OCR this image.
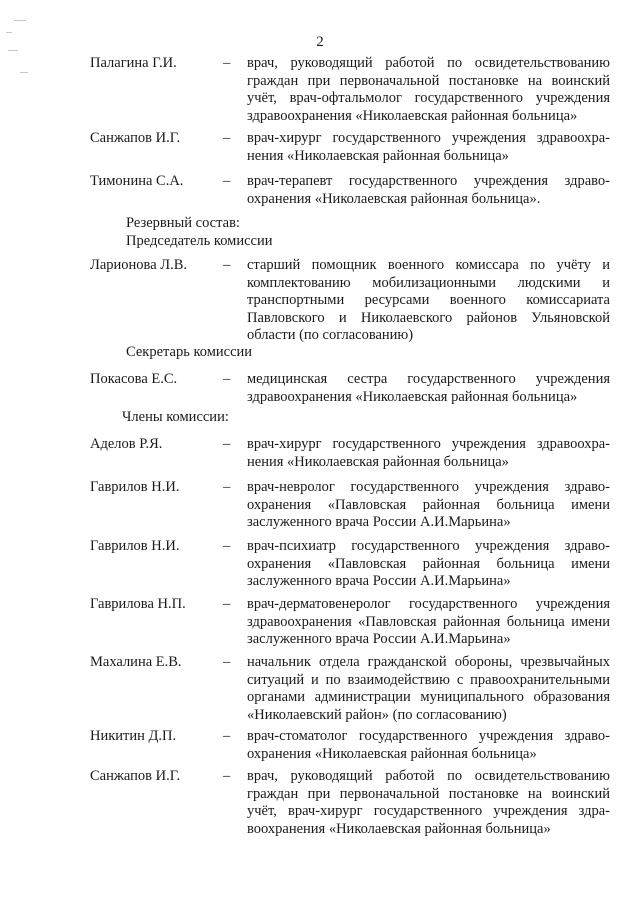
2
Палагина Г.И.	– врач, руководящий работой по освидетельствованию граждан при первоначальной постановке на воинский учёт, врач-офтальмолог государственного учреждения здравоохранения «Николаевская районная больница»
Санжапов И.Г.	– врач-хирург государственного учреждения здравоохра-нения «Николаевская районная больница»
Тимонина С.А.	– врач-терапевт государственного учреждения здраво-охранения «Николаевская районная больница».
Резервный состав:
Председатель комиссии
Ларионова Л.В.	– старший помощник военного комиссара по учёту и комплектованию мобилизационными людскими и транспортными ресурсами военного комиссариата Павловского и Николаевского районов Ульяновской области (по согласованию)
Секретарь комиссии
Покасова Е.С.	– медицинская сестра государственного учреждения здравоохранения «Николаевская районная больница»
Члены комиссии:
Аделов Р.Я.	– врач-хирург государственного учреждения здравоохра-нения «Николаевская районная больница»
Гаврилов Н.И.	– врач-невролог государственного учреждения здраво-охранения «Павловская районная больница имени заслуженного врача России А.И.Марьина»
Гаврилов Н.И.	– врач-психиатр государственного учреждения здраво-охранения «Павловская районная больница имени заслуженного врача России А.И.Марьина»
Гаврилова Н.П.	– врач-дерматовенеролог государственного учреждения здравоохранения «Павловская районная больница имени заслуженного врача России А.И.Марьина»
Махалина Е.В.	– начальник отдела гражданской обороны, чрезвычайных ситуаций и по взаимодействию с правоохранительными органами администрации муниципального образования «Николаевский район» (по согласованию)
Никитин Д.П.	– врач-стоматолог государственного учреждения здраво-охранения «Николаевская районная больница»
Санжапов И.Г.	– врач, руководящий работой по освидетельствованию граждан при первоначальной постановке на воинский учёт, врач-хирург государственного учреждения здра-воохранения «Николаевская районная больница»
